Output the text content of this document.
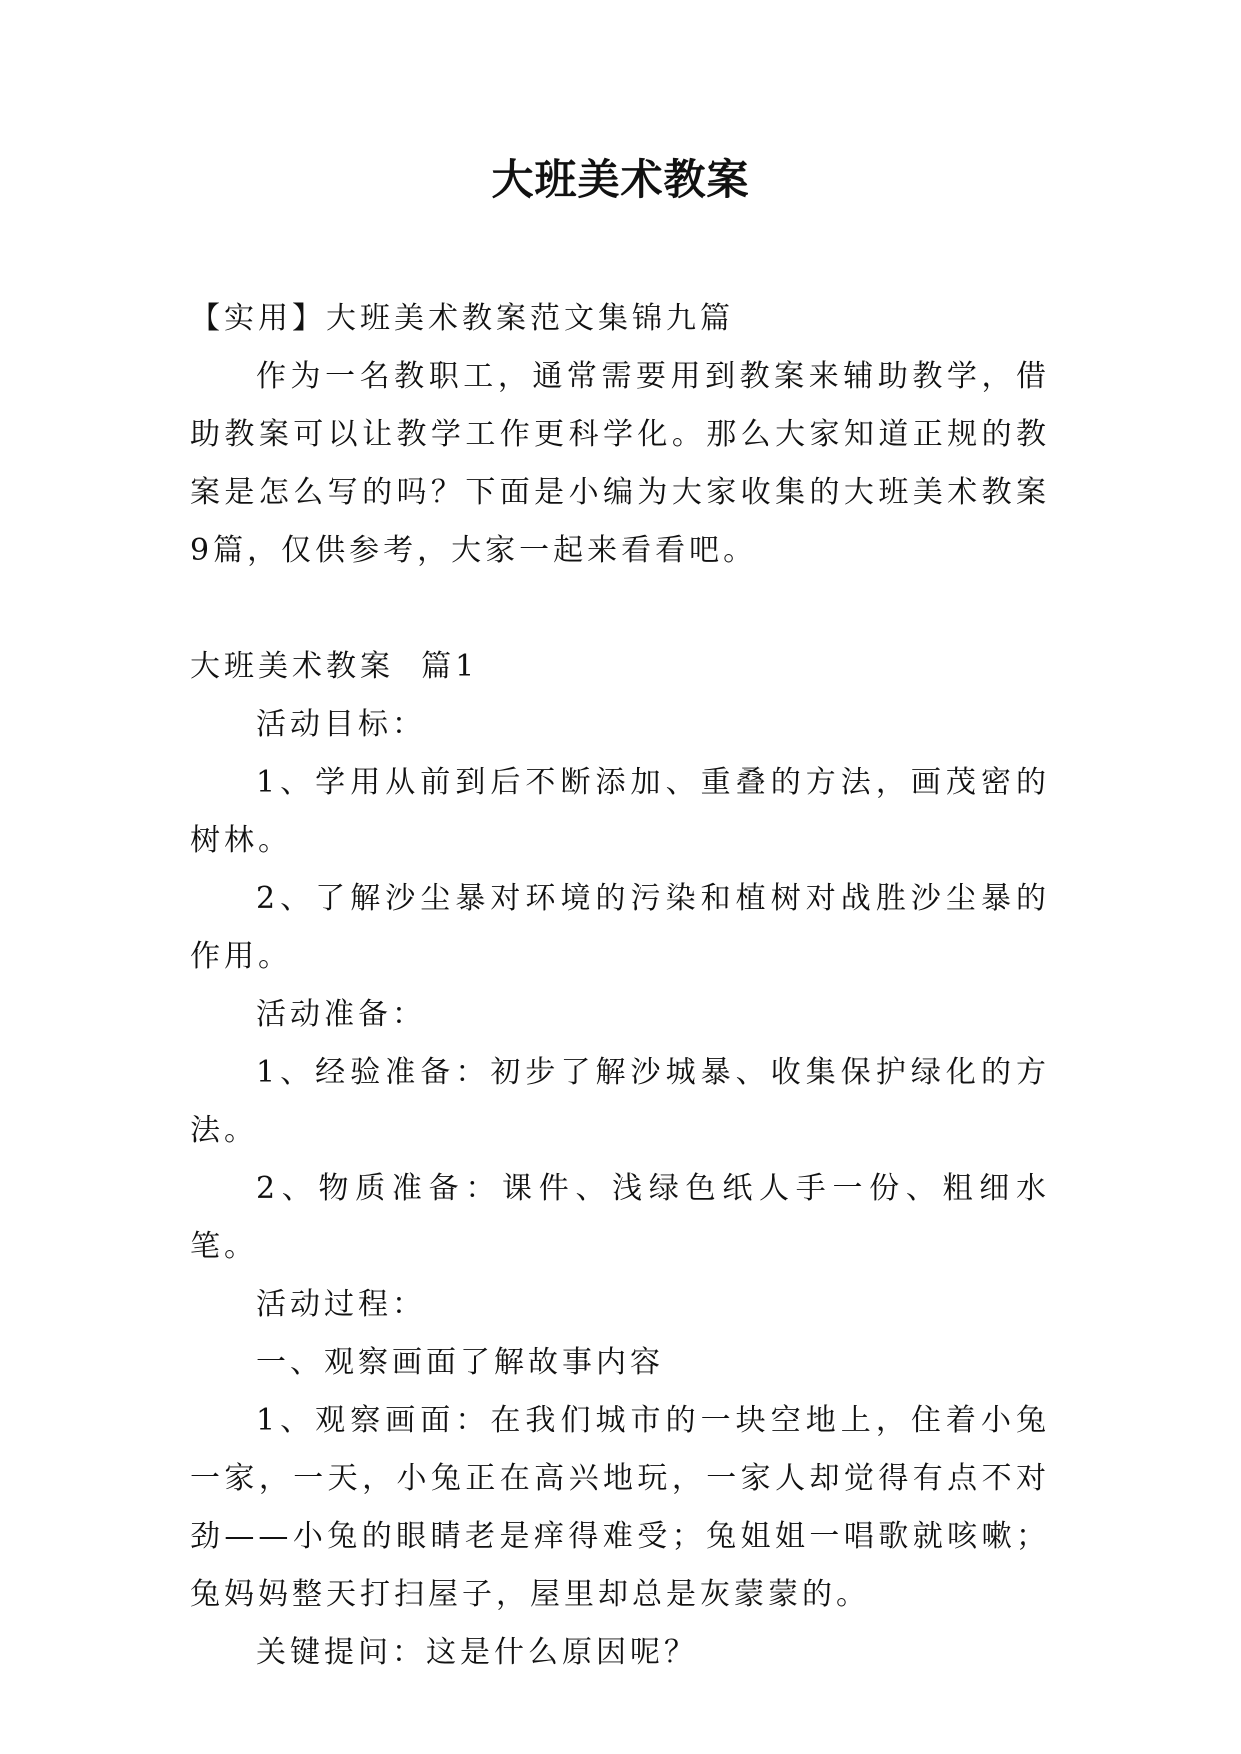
大班美术教案

【实用】大班美术教案范文集锦九篇

作为一名教职工，通常需要用到教案来辅助教学，借助教案可以让教学工作更科学化。那么大家知道正规的教案是怎么写的吗？下面是小编为大家收集的大班美术教案9篇，仅供参考，大家一起来看看吧。

大班美术教案  篇1

活动目标：

1、学用从前到后不断添加、重叠的方法，画茂密的树林。

2、了解沙尘暴对环境的污染和植树对战胜沙尘暴的作用。

活动准备：

1、经验准备：初步了解沙城暴、收集保护绿化的方法。

2、物质准备：课件、浅绿色纸人手一份、粗细水笔。

活动过程：

一、观察画面了解故事内容

1、观察画面：在我们城市的一块空地上，住着小兔一家，一天，小兔正在高兴地玩，一家人却觉得有点不对劲——小兔的眼睛老是痒得难受；兔姐姐一唱歌就咳嗽；兔妈妈整天打扫屋子，屋里却总是灰蒙蒙的。

关键提问：这是什么原因呢？
